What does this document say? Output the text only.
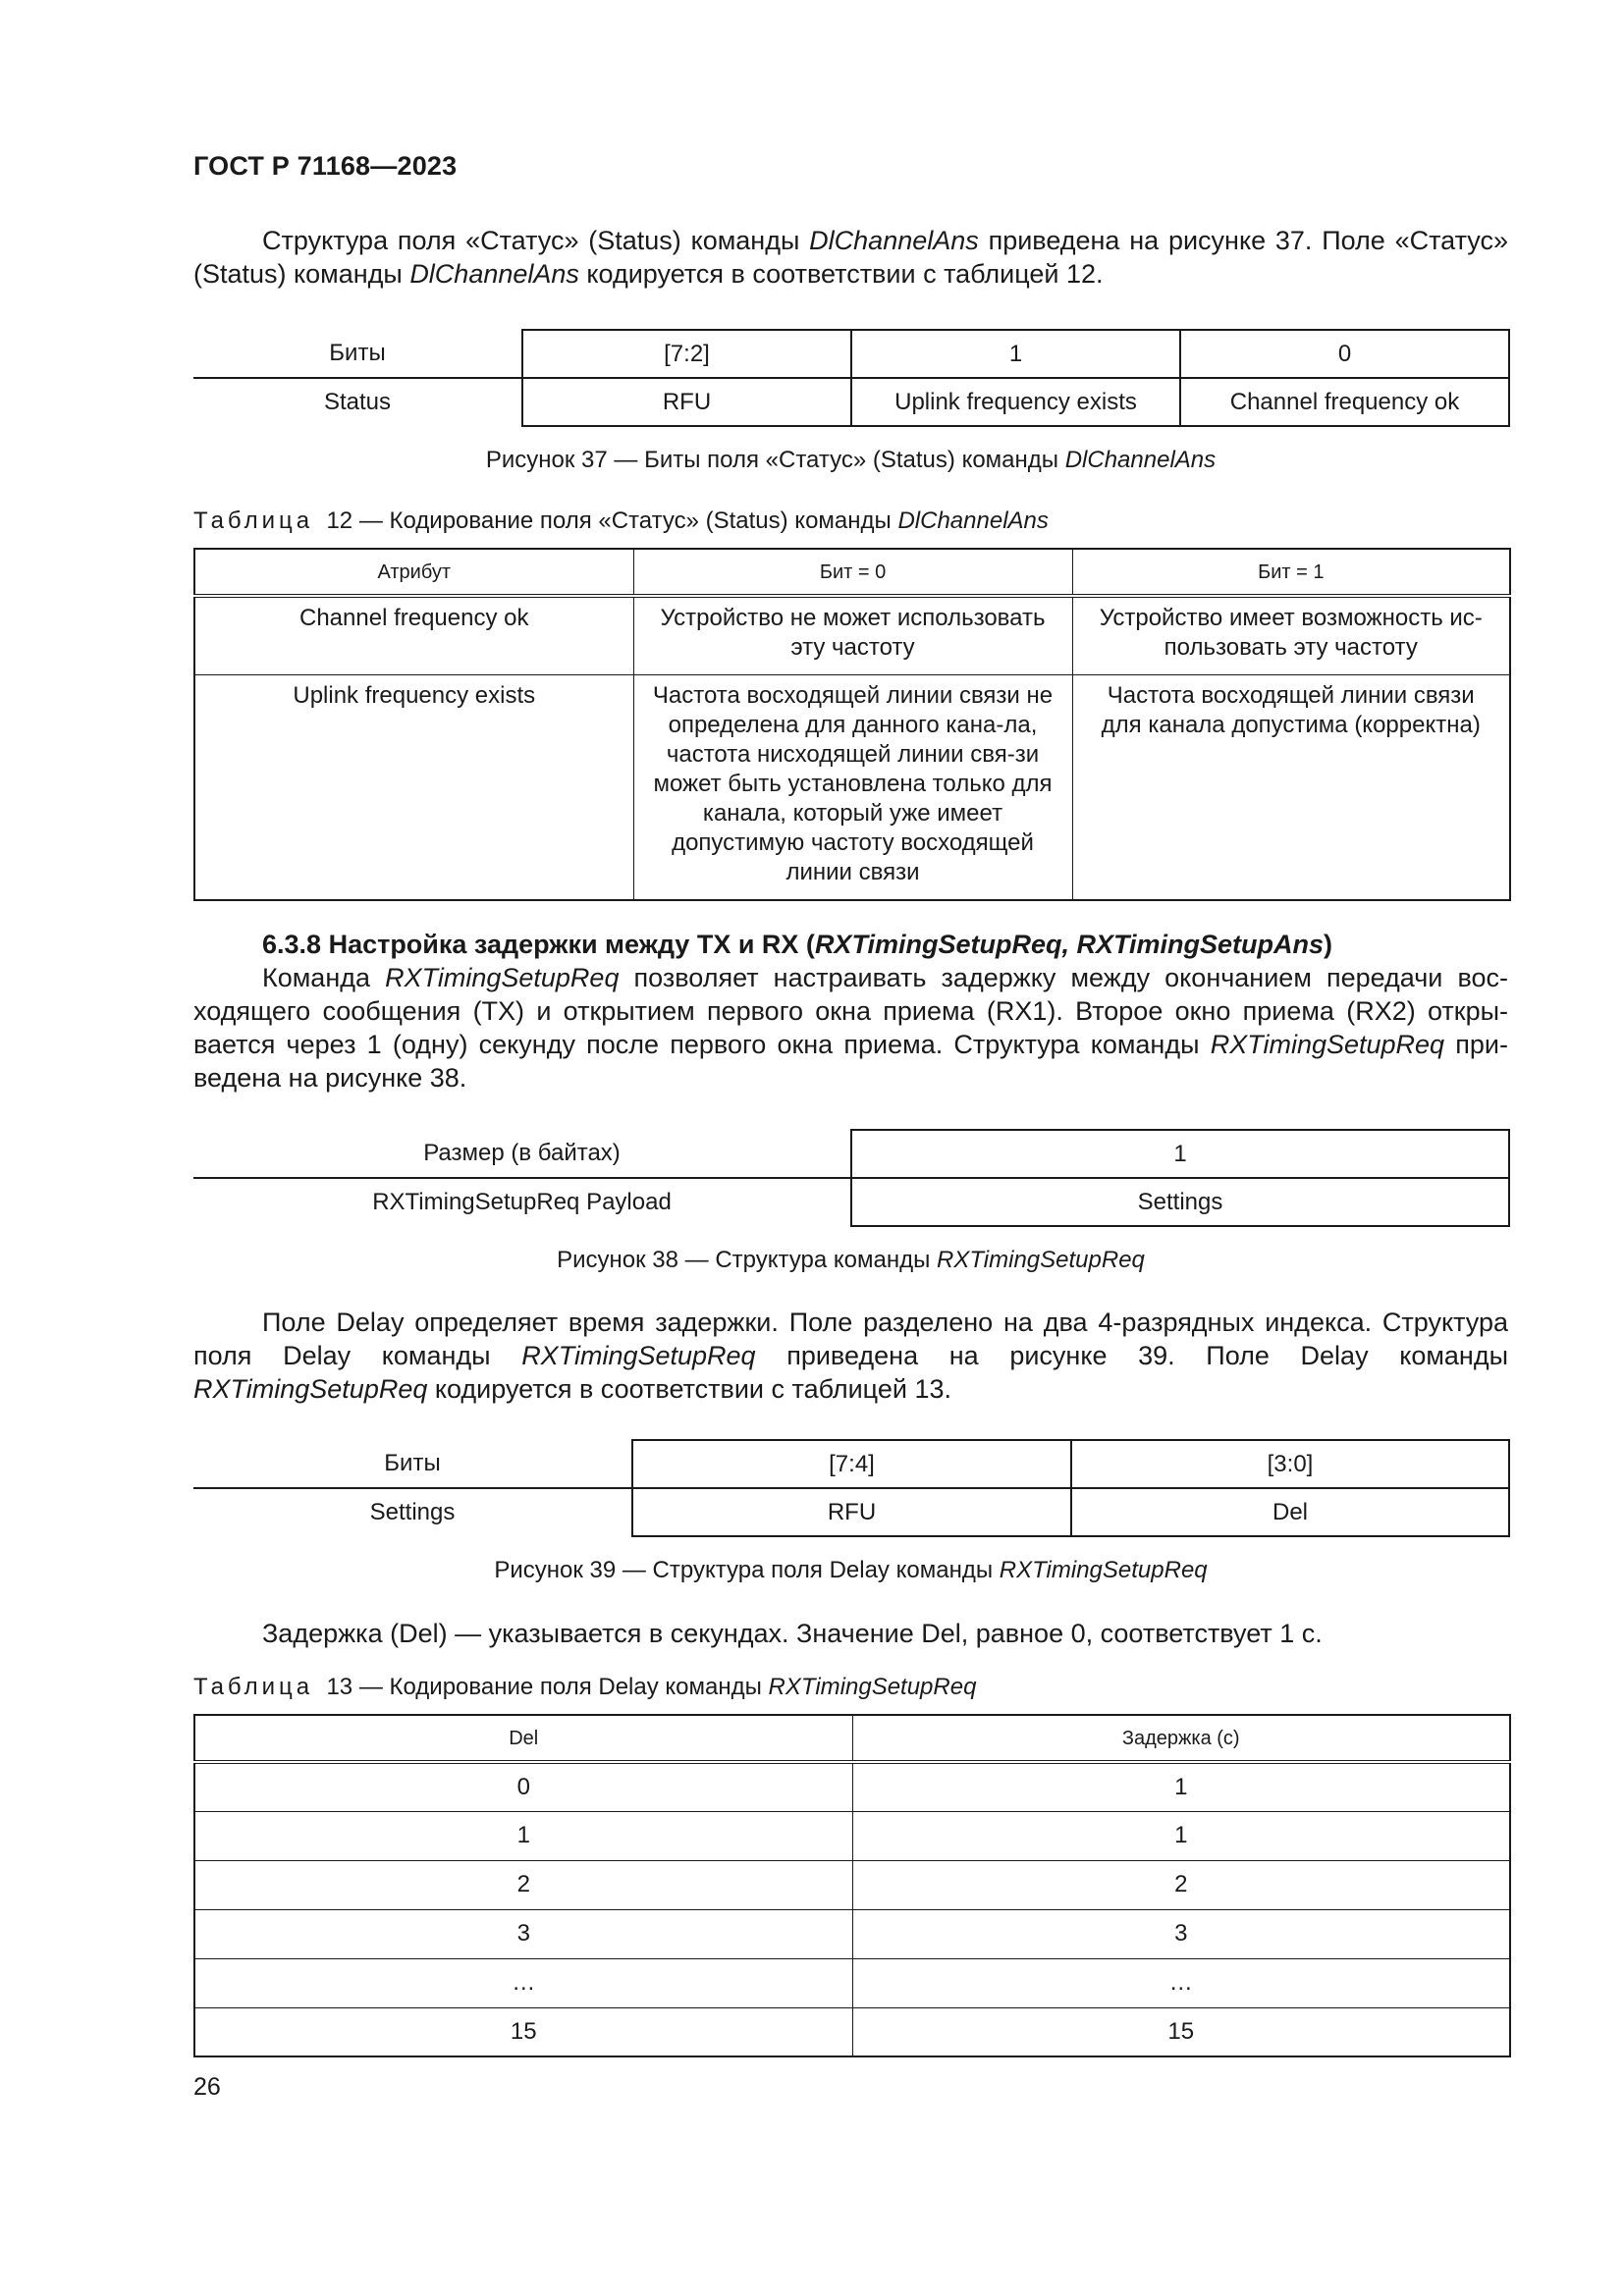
ГОСТ Р 71168—2023
Структура поля «Статус» (Status) команды DlChannelAns приведена на рисунке 37. Поле «Статус» (Status) команды DlChannelAns кодируется в соответствии с таблицей 12.
Биты	[7:2]	1	0
Status	RFU	Uplink frequency exists	Channel frequency ok
Рисунок 37 — Биты поля «Статус» (Status) команды DlChannelAns
Таблица 12 — Кодирование поля «Статус» (Status) команды DlChannelAns
Атрибут	Бит = 0	Бит = 1
Channel frequency ok	Устройство не может использовать эту частоту	Устройство имеет возможность ис-пользовать эту частоту
Uplink frequency exists	Частота восходящей линии связи не определена для данного кана-ла, частота нисходящей линии свя-зи может быть установлена только для канала, который уже имеет допустимую частоту восходящей линии связи	Частота восходящей линии связи для канала допустима (корректна)
6.3.8 Настройка задержки между TX и RX (RXTimingSetupReq, RXTimingSetupAns)
Команда RXTimingSetupReq позволяет настраивать задержку между окончанием передачи вос-ходящего сообщения (TX) и открытием первого окна приема (RX1). Второе окно приема (RX2) откры-вается через 1 (одну) секунду после первого окна приема. Структура команды RXTimingSetupReq при-ведена на рисунке 38.
Размер (в байтах)	1
RXTimingSetupReq Payload	Settings
Рисунок 38 — Структура команды RXTimingSetupReq
Поле Delay определяет время задержки. Поле разделено на два 4-разрядных индекса. Структура поля Delay команды RXTimingSetupReq приведена на рисунке 39. Поле Delay команды RXTimingSetupReq кодируется в соответствии с таблицей 13.
Биты	[7:4]	[3:0]
Settings	RFU	Del
Рисунок 39 — Структура поля Delay команды RXTimingSetupReq
Задержка (Del) — указывается в секундах. Значение Del, равное 0, соответствует 1 с.
Таблица 13 — Кодирование поля Delay команды RXTimingSetupReq
Del	Задержка (с)
0	1
1	1
2	2
3	3
…	…
15	15
26
